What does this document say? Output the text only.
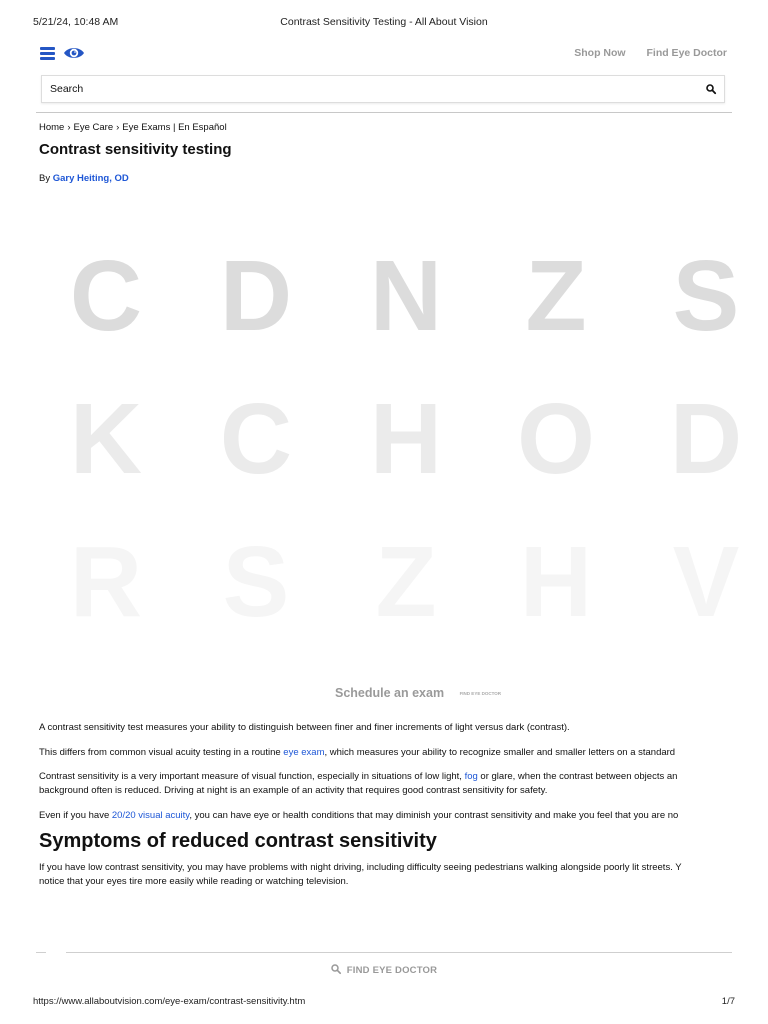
5/21/24, 10:48 AM	Contrast Sensitivity Testing - All About Vision
Shop Now Find Eye Doctor
Search
Home › Eye Care › Eye Exams | En Español
Contrast sensitivity testing
By Gary Heiting, OD
C D N Z S
K C H O D
R S Z H V
Schedule an exam	FIND EYE DOCTOR
A contrast sensitivity test measures your ability to distinguish between finer and finer increments of light versus dark (contrast).
This differs from common visual acuity testing in a routine eye exam, which measures your ability to recognize smaller and smaller letters on a standard
Contrast sensitivity is a very important measure of visual function, especially in situations of low light, fog or glare, when the contrast between objects an
background often is reduced. Driving at night is an example of an activity that requires good contrast sensitivity for safety.
Even if you have 20/20 visual acuity, you can have eye or health conditions that may diminish your contrast sensitivity and make you feel that you are no
Symptoms of reduced contrast sensitivity
If you have low contrast sensitivity, you may have problems with night driving, including difficulty seeing pedestrians walking alongside poorly lit streets. Y
notice that your eyes tire more easily while reading or watching television.
FIND EYE DOCTOR
https://www.allaboutvision.com/eye-exam/contrast-sensitivity.htm	1/7
